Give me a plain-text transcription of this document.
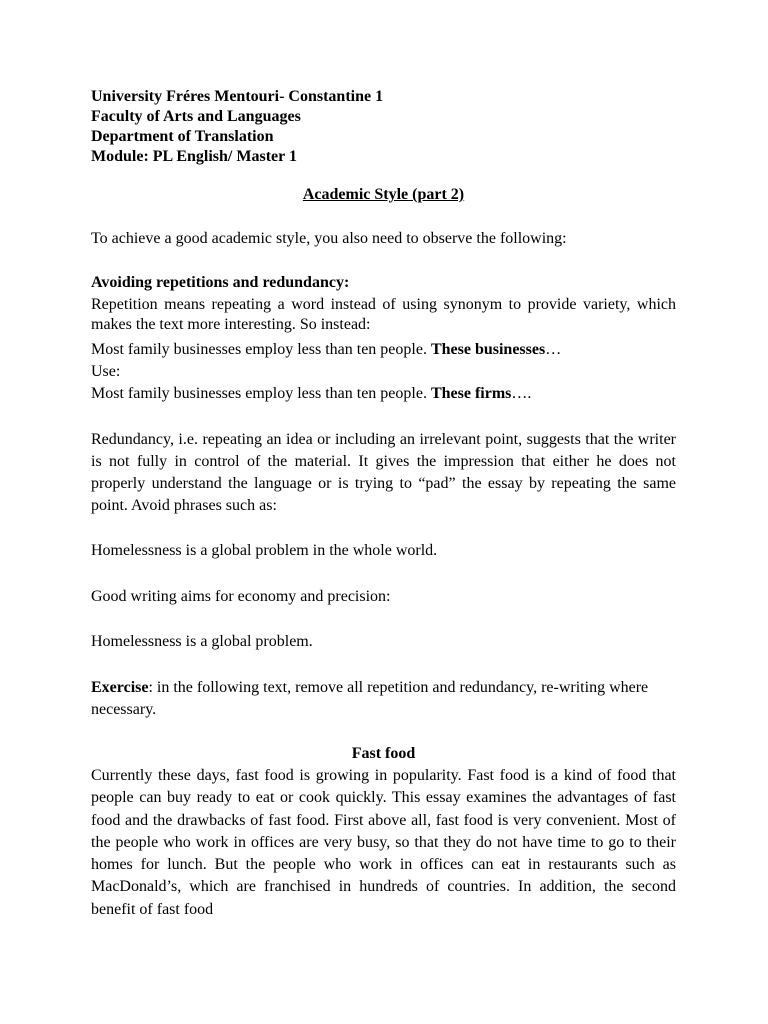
University Fréres Mentouri- Constantine 1
Faculty of Arts and Languages
Department of Translation
Module: PL English/ Master 1
Academic Style (part 2)

To achieve a good academic style, you also need to observe the following:

Avoiding repetitions and redundancy:

Repetition means repeating a word instead of using synonym to provide variety, which makes the text more interesting. So instead:

Most family businesses employ less than ten people. These businesses…

Use:

Most family businesses employ less than ten people. These firms….

Redundancy, i.e. repeating an idea or including an irrelevant point, suggests that the writer is not fully in control of the material. It gives the impression that either he does not properly understand the language or is trying to “pad” the essay by repeating the same point. Avoid phrases such as:

Homelessness is a global problem in the whole world.

Good writing aims for economy and precision:

Homelessness is a global problem.

Exercise: in the following text, remove all repetition and redundancy, re-writing where necessary.

Fast food

Currently these days, fast food is growing in popularity. Fast food is a kind of food that people can buy ready to eat or cook quickly. This essay examines the advantages of fast food and the drawbacks of fast food. First above all, fast food is very convenient. Most of the people who work in offices are very busy, so that they do not have time to go to their homes for lunch. But the people who work in offices can eat in restaurants such as MacDonald’s, which are franchised in hundreds of countries. In addition, the second benefit of fast food
